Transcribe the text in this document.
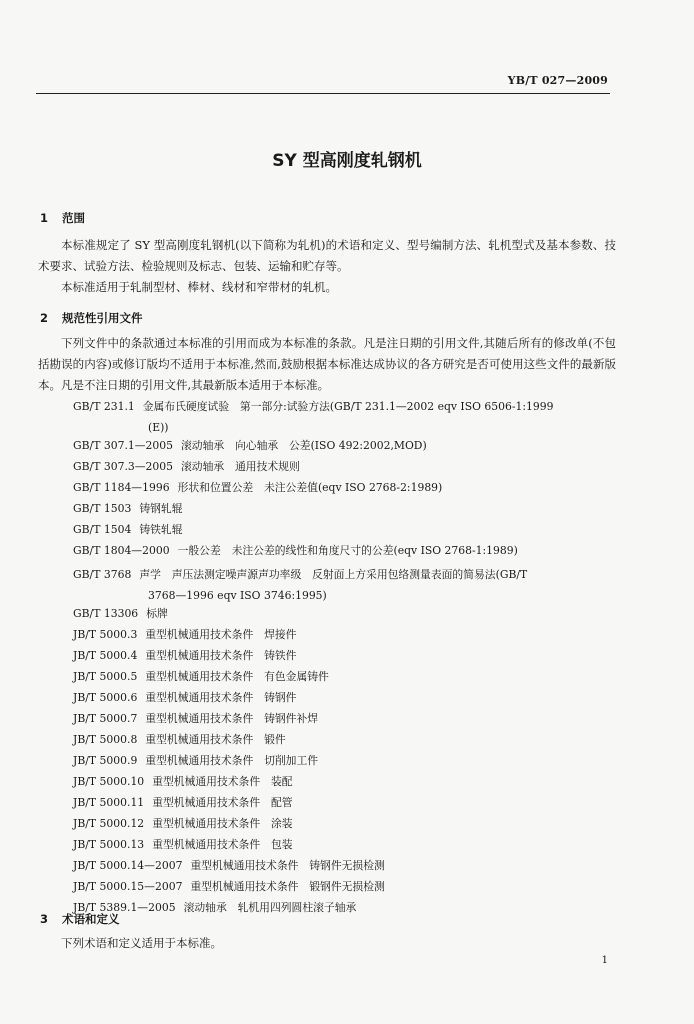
YB/T 027—2009
SY 型高刚度轧钢机
1 范围
本标准规定了 SY 型高刚度轧钢机(以下简称为轧机)的术语和定义、型号编制方法、轧机型式及基本参数、技术要求、试验方法、检验规则及标志、包装、运输和贮存等。
本标准适用于轧制型材、棒材、线材和窄带材的轧机。
2 规范性引用文件
下列文件中的条款通过本标准的引用而成为本标准的条款。凡是注日期的引用文件,其随后所有的修改单(不包括勘误的内容)或修订版均不适用于本标准,然而,鼓励根据本标准达成协议的各方研究是否可使用这些文件的最新版本。凡是不注日期的引用文件,其最新版本适用于本标准。
GB/T 231.1 金属布氏硬度试验　第一部分:试验方法(GB/T 231.1—2002 eqv ISO 6506-1:1999
(E))
GB/T 307.1—2005 滚动轴承　向心轴承　公差(ISO 492:2002,MOD)
GB/T 307.3—2005 滚动轴承　通用技术规则
GB/T 1184—1996 形状和位置公差　未注公差值(eqv ISO 2768-2:1989)
GB/T 1503 铸钢轧辊
GB/T 1504 铸铁轧辊
GB/T 1804—2000 一般公差　未注公差的线性和角度尺寸的公差(eqv ISO 2768-1:1989)
GB/T 3768 声学　声压法测定噪声源声功率级　反射面上方采用包络测量表面的简易法(GB/T
3768—1996 eqv ISO 3746:1995)
GB/T 13306 标牌
JB/T 5000.3 重型机械通用技术条件　焊接件
JB/T 5000.4 重型机械通用技术条件　铸铁件
JB/T 5000.5 重型机械通用技术条件　有色金属铸件
JB/T 5000.6 重型机械通用技术条件　铸钢件
JB/T 5000.7 重型机械通用技术条件　铸钢件补焊
JB/T 5000.8 重型机械通用技术条件　锻件
JB/T 5000.9 重型机械通用技术条件　切削加工件
JB/T 5000.10 重型机械通用技术条件　装配
JB/T 5000.11 重型机械通用技术条件　配管
JB/T 5000.12 重型机械通用技术条件　涂装
JB/T 5000.13 重型机械通用技术条件　包装
JB/T 5000.14—2007 重型机械通用技术条件　铸钢件无损检测
JB/T 5000.15—2007 重型机械通用技术条件　锻钢件无损检测
JB/T 5389.1—2005 滚动轴承　轧机用四列圆柱滚子轴承
3 术语和定义
下列术语和定义适用于本标准。
1
